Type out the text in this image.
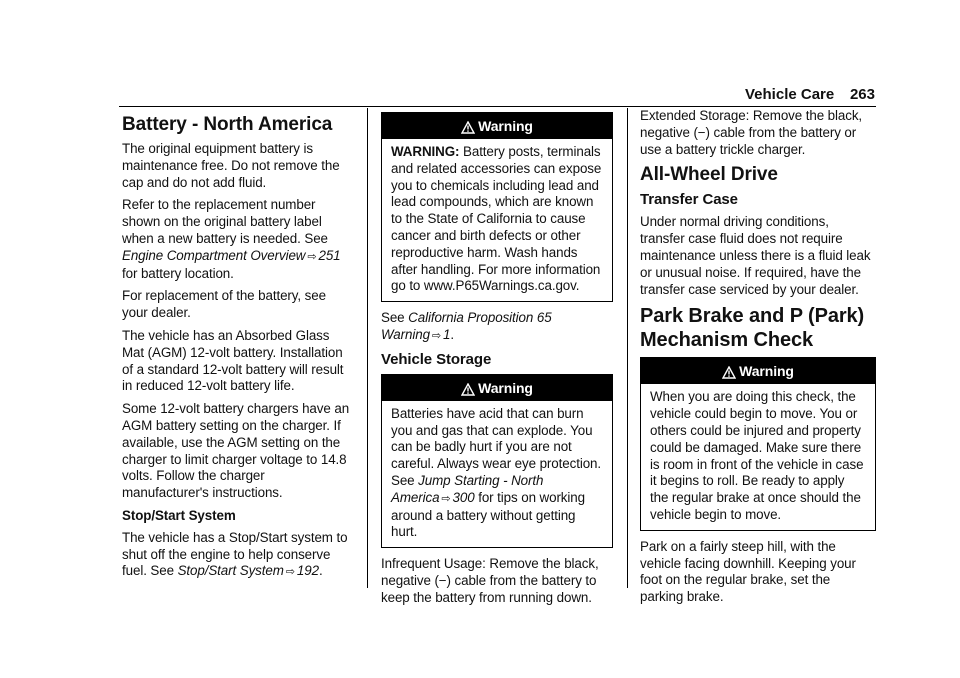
Vehicle Care 263
Battery - North America

The original equipment battery is maintenance free. Do not remove the cap and do not add fluid.

Refer to the replacement number shown on the original battery label when a new battery is needed. See Engine Compartment Overview ⇨ 251 for battery location.

For replacement of the battery, see your dealer.

The vehicle has an Absorbed Glass Mat (AGM) 12-volt battery. Installation of a standard 12-volt battery will result in reduced 12-volt battery life.

Some 12-volt battery chargers have an AGM battery setting on the charger. If available, use the AGM setting on the charger to limit charger voltage to 14.8 volts. Follow the charger manufacturer's instructions.

Stop/Start System

The vehicle has a Stop/Start system to shut off the engine to help conserve fuel. See Stop/Start System ⇨ 192.

Warning

WARNING: Battery posts, terminals and related accessories can expose you to chemicals including lead and lead compounds, which are known to the State of California to cause cancer and birth defects or other reproductive harm. Wash hands after handling. For more information go to www.P65Warnings.ca.gov.

See California Proposition 65 Warning ⇨ 1.

Vehicle Storage
Warning

Batteries have acid that can burn you and gas that can explode. You can be badly hurt if you are not careful. Always wear eye protection. See Jump Starting - North America ⇨ 300 for tips on working around a battery without getting hurt.

Infrequent Usage: Remove the black, negative (−) cable from the battery to keep the battery from running down.

Extended Storage: Remove the black, negative (−) cable from the battery or use a battery trickle charger.

All-Wheel Drive
Transfer Case

Under normal driving conditions, transfer case fluid does not require maintenance unless there is a fluid leak or unusual noise. If required, have the transfer case serviced by your dealer.

Park Brake and P (Park) Mechanism Check
Warning

When you are doing this check, the vehicle could begin to move. You or others could be injured and property could be damaged. Make sure there is room in front of the vehicle in case it begins to roll. Be ready to apply the regular brake at once should the vehicle begin to move.

Park on a fairly steep hill, with the vehicle facing downhill. Keeping your foot on the regular brake, set the parking brake.
